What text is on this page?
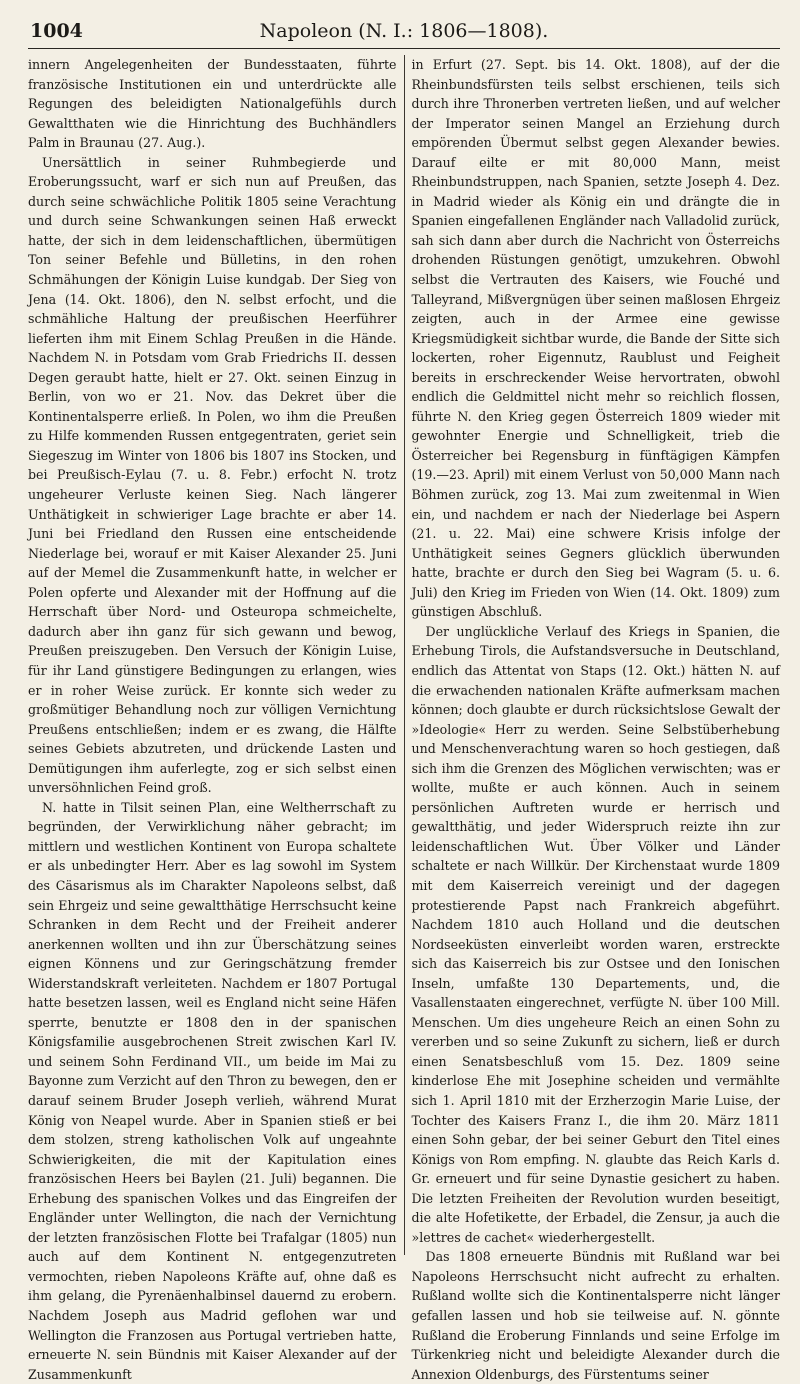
1004	Napoleon (N. I.: 1806—1808).

innern Angelegenheiten der Bundesstaaten, führte französische Institutionen ein und unterdrückte alle Regungen des beleidigten Nationalgefühls durch Gewaltthaten wie die Hinrichtung des Buchhändlers Palm in Braunau (27. Aug.).

Unersättlich in seiner Ruhmbegierde und Eroberungssucht, warf er sich nun auf Preußen, das durch seine schwächliche Politik 1805 seine Verachtung und durch seine Schwankungen seinen Haß erweckt hatte, der sich in dem leidenschaftlichen, übermütigen Ton seiner Befehle und Bülletins, in den rohen Schmähungen der Königin Luise kundgab. Der Sieg von Jena (14. Okt. 1806), den N. selbst erfocht, und die schmähliche Haltung der preußischen Heerführer lieferten ihm mit Einem Schlag Preußen in die Hände. Nachdem N. in Potsdam vom Grab Friedrichs II. dessen Degen geraubt hatte, hielt er 27. Okt. seinen Einzug in Berlin, von wo er 21. Nov. das Dekret über die Kontinentalsperre erließ. In Polen, wo ihm die Preußen zu Hilfe kommenden Russen entgegentraten, geriet sein Siegeszug im Winter von 1806 bis 1807 ins Stocken, und bei Preußisch-Eylau (7. u. 8. Febr.) erfocht N. trotz ungeheurer Verluste keinen Sieg. Nach längerer Unthätigkeit in schwieriger Lage brachte er aber 14. Juni bei Friedland den Russen eine entscheidende Niederlage bei, worauf er mit Kaiser Alexander 25. Juni auf der Memel die Zusammenkunft hatte, in welcher er Polen opferte und Alexander mit der Hoffnung auf die Herrschaft über Nord- und Osteuropa schmeichelte, dadurch aber ihn ganz für sich gewann und bewog, Preußen preiszugeben. Den Versuch der Königin Luise, für ihr Land günstigere Bedingungen zu erlangen, wies er in roher Weise zurück. Er konnte sich weder zu großmütiger Behandlung noch zur völligen Vernichtung Preußens entschließen; indem er es zwang, die Hälfte seines Gebiets abzutreten, und drückende Lasten und Demütigungen ihm auferlegte, zog er sich selbst einen unversöhnlichen Feind groß.

N. hatte in Tilsit seinen Plan, eine Weltherrschaft zu begründen, der Verwirklichung näher gebracht; im mittlern und westlichen Kontinent von Europa schaltete er als unbedingter Herr. Aber es lag sowohl im System des Cäsarismus als im Charakter Napoleons selbst, daß sein Ehrgeiz und seine gewaltthätige Herrschsucht keine Schranken in dem Recht und der Freiheit anderer anerkennen wollten und ihn zur Überschätzung seines eignen Könnens und zur Geringschätzung fremder Widerstandskraft verleiteten. Nachdem er 1807 Portugal hatte besetzen lassen, weil es England nicht seine Häfen sperrte, benutzte er 1808 den in der spanischen Königsfamilie ausgebrochenen Streit zwischen Karl IV. und seinem Sohn Ferdinand VII., um beide im Mai zu Bayonne zum Verzicht auf den Thron zu bewegen, den er darauf seinem Bruder Joseph verlieh, während Murat König von Neapel wurde. Aber in Spanien stieß er bei dem stolzen, streng katholischen Volk auf ungeahnte Schwierigkeiten, die mit der Kapitulation eines französischen Heers bei Baylen (21. Juli) begannen. Die Erhebung des spanischen Volkes und das Eingreifen der Engländer unter Wellington, die nach der Vernichtung der letzten französischen Flotte bei Trafalgar (1805) nun auch auf dem Kontinent N. entgegenzutreten vermochten, rieben Napoleons Kräfte auf, ohne daß es ihm gelang, die Pyrenäenhalbinsel dauernd zu erobern. Nachdem Joseph aus Madrid geflohen war und Wellington die Franzosen aus Portugal vertrieben hatte, erneuerte N. sein Bündnis mit Kaiser Alexander auf der Zusammenkunft

in Erfurt (27. Sept. bis 14. Okt. 1808), auf der die Rheinbundsfürsten teils selbst erschienen, teils sich durch ihre Thronerben vertreten ließen, und auf welcher der Imperator seinen Mangel an Erziehung durch empörenden Übermut selbst gegen Alexander bewies. Darauf eilte er mit 80,000 Mann, meist Rheinbundstruppen, nach Spanien, setzte Joseph 4. Dez. in Madrid wieder als König ein und drängte die in Spanien eingefallenen Engländer nach Valladolid zurück, sah sich dann aber durch die Nachricht von Österreichs drohenden Rüstungen genötigt, umzukehren. Obwohl selbst die Vertrauten des Kaisers, wie Fouché und Talleyrand, Mißvergnügen über seinen maßlosen Ehrgeiz zeigten, auch in der Armee eine gewisse Kriegsmüdigkeit sichtbar wurde, die Bande der Sitte sich lockerten, roher Eigennutz, Raublust und Feigheit bereits in erschreckender Weise hervortraten, obwohl endlich die Geldmittel nicht mehr so reichlich flossen, führte N. den Krieg gegen Österreich 1809 wieder mit gewohnter Energie und Schnelligkeit, trieb die Österreicher bei Regensburg in fünftägigen Kämpfen (19.—23. April) mit einem Verlust von 50,000 Mann nach Böhmen zurück, zog 13. Mai zum zweitenmal in Wien ein, und nachdem er nach der Niederlage bei Aspern (21. u. 22. Mai) eine schwere Krisis infolge der Unthätigkeit seines Gegners glücklich überwunden hatte, brachte er durch den Sieg bei Wagram (5. u. 6. Juli) den Krieg im Frieden von Wien (14. Okt. 1809) zum günstigen Abschluß.

Der unglückliche Verlauf des Kriegs in Spanien, die Erhebung Tirols, die Aufstandsversuche in Deutschland, endlich das Attentat von Staps (12. Okt.) hätten N. auf die erwachenden nationalen Kräfte aufmerksam machen können; doch glaubte er durch rücksichtslose Gewalt der »Ideologie« Herr zu werden. Seine Selbstüberhebung und Menschenverachtung waren so hoch gestiegen, daß sich ihm die Grenzen des Möglichen verwischten; was er wollte, mußte er auch können. Auch in seinem persönlichen Auftreten wurde er herrisch und gewaltthätig, und jeder Widerspruch reizte ihn zur leidenschaftlichen Wut. Über Völker und Länder schaltete er nach Willkür. Der Kirchenstaat wurde 1809 mit dem Kaiserreich vereinigt und der dagegen protestierende Papst nach Frankreich abgeführt. Nachdem 1810 auch Holland und die deutschen Nordseeküsten einverleibt worden waren, erstreckte sich das Kaiserreich bis zur Ostsee und den Ionischen Inseln, umfaßte 130 Departements, und, die Vasallenstaaten eingerechnet, verfügte N. über 100 Mill. Menschen. Um dies ungeheure Reich an einen Sohn zu vererben und so seine Zukunft zu sichern, ließ er durch einen Senatsbeschluß vom 15. Dez. 1809 seine kinderlose Ehe mit Josephine scheiden und vermählte sich 1. April 1810 mit der Erzherzogin Marie Luise, der Tochter des Kaisers Franz I., die ihm 20. März 1811 einen Sohn gebar, der bei seiner Geburt den Titel eines Königs von Rom empfing. N. glaubte das Reich Karls d. Gr. erneuert und für seine Dynastie gesichert zu haben. Die letzten Freiheiten der Revolution wurden beseitigt, die alte Hofetikette, der Erbadel, die Zensur, ja auch die »lettres de cachet« wiederhergestellt.

Das 1808 erneuerte Bündnis mit Rußland war bei Napoleons Herrschsucht nicht aufrecht zu erhalten. Rußland wollte sich die Kontinentalsperre nicht länger gefallen lassen und hob sie teilweise auf. N. gönnte Rußland die Eroberung Finnlands und seine Erfolge im Türkenkrieg nicht und beleidigte Alexander durch die Annexion Oldenburgs, des Fürstentums seiner
